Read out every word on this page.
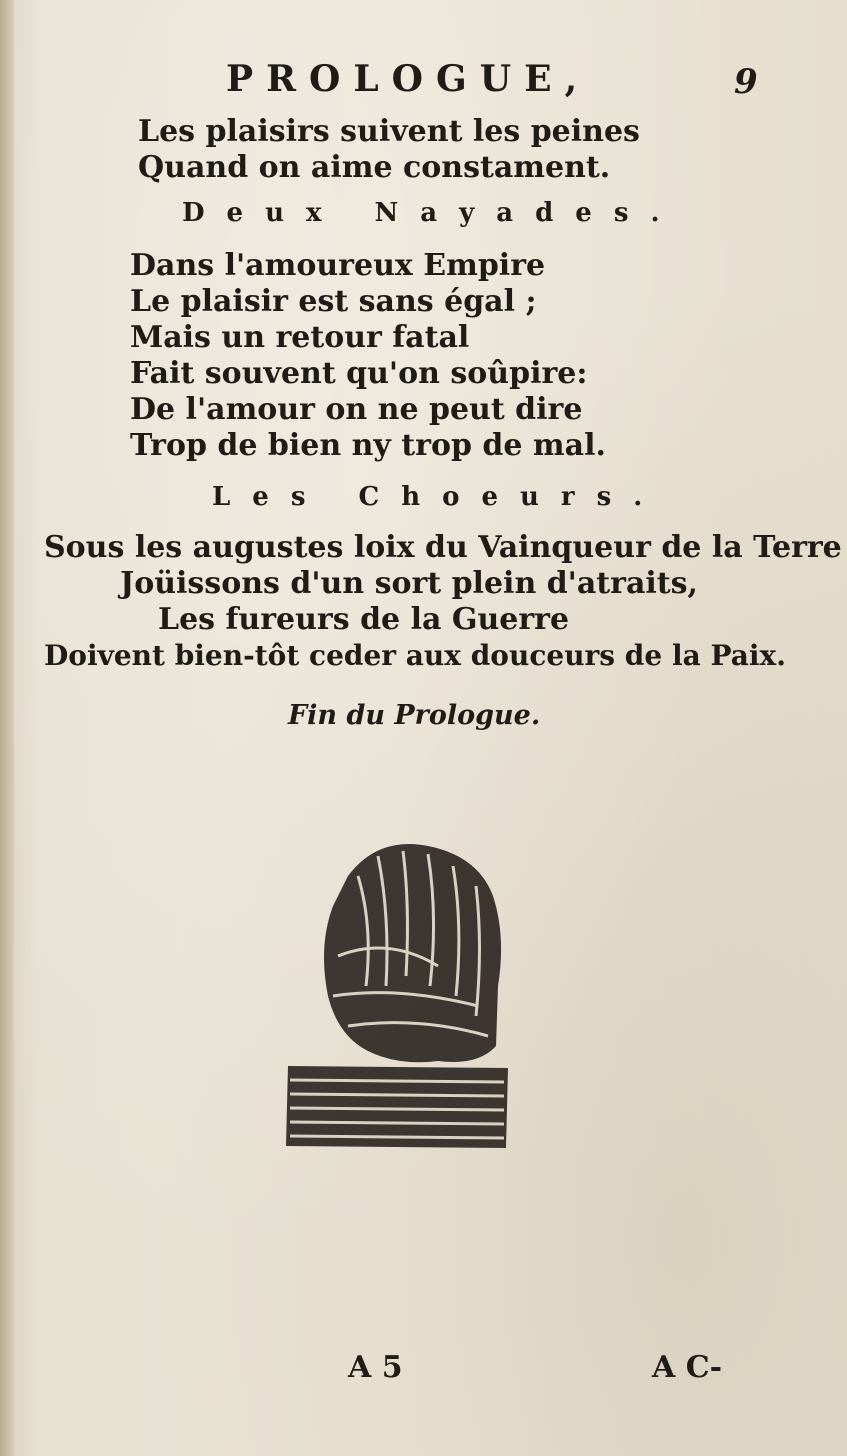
PROLOGUE,	9
Les plaisirs suivent les peines
Quand on aime constament.
Deux Nayades.
Dans l'amoureux Empire
Le plaisir est sans égal ;
Mais un retour fatal
Fait souvent qu'on soûpire:
De l'amour on ne peut dire
Trop de bien ny trop de mal.
Les Choeurs.
Sous les augustes loix du Vainqueur de la Terre
Joüissons d'un sort plein d'atraits,
Les fureurs de la Guerre
Doivent bien-tôt ceder aux douceurs de la Paix.
Fin du Prologue.
A 5	A C-
